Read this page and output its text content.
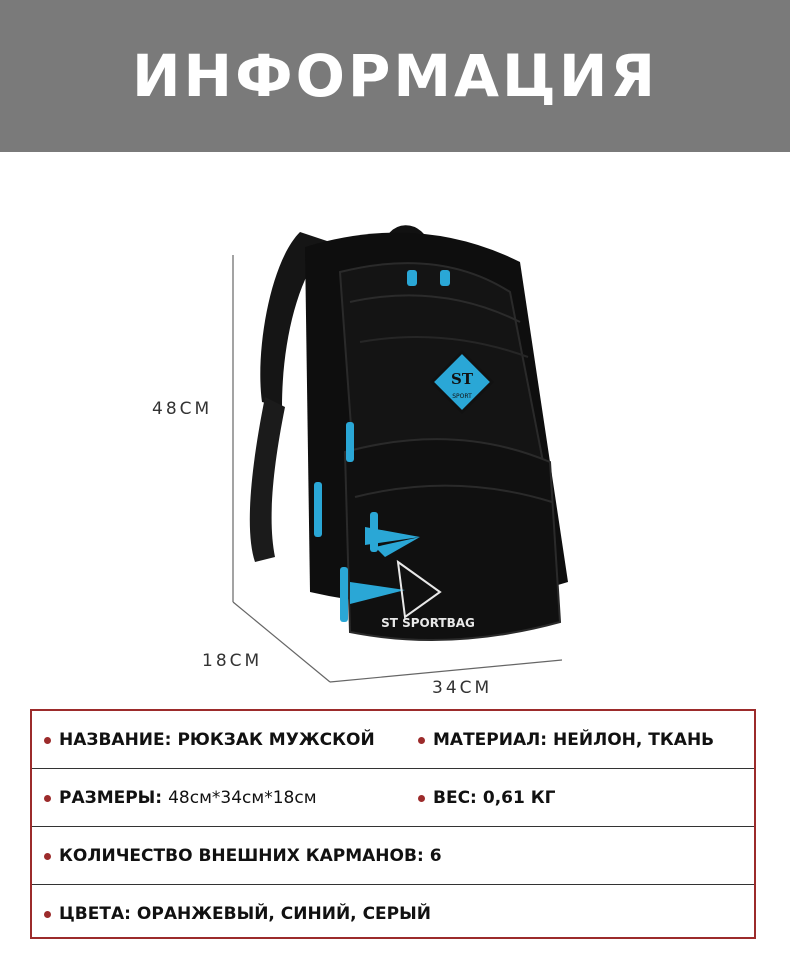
ИНФОРМАЦИЯ
ST
SPORT
ST SPORTBAG
48CM
18CM
34CM
НАЗВАНИЕ: РЮКЗАК МУЖСКОЙ	МАТЕРИАЛ: НЕЙЛОН, ТКАНЬ
РАЗМЕРЫ: 48см*34см*18см	ВЕС: 0,61 КГ
КОЛИЧЕСТВО ВНЕШНИХ КАРМАНОВ: 6
ЦВЕТА: ОРАНЖЕВЫЙ, СИНИЙ, СЕРЫЙ
